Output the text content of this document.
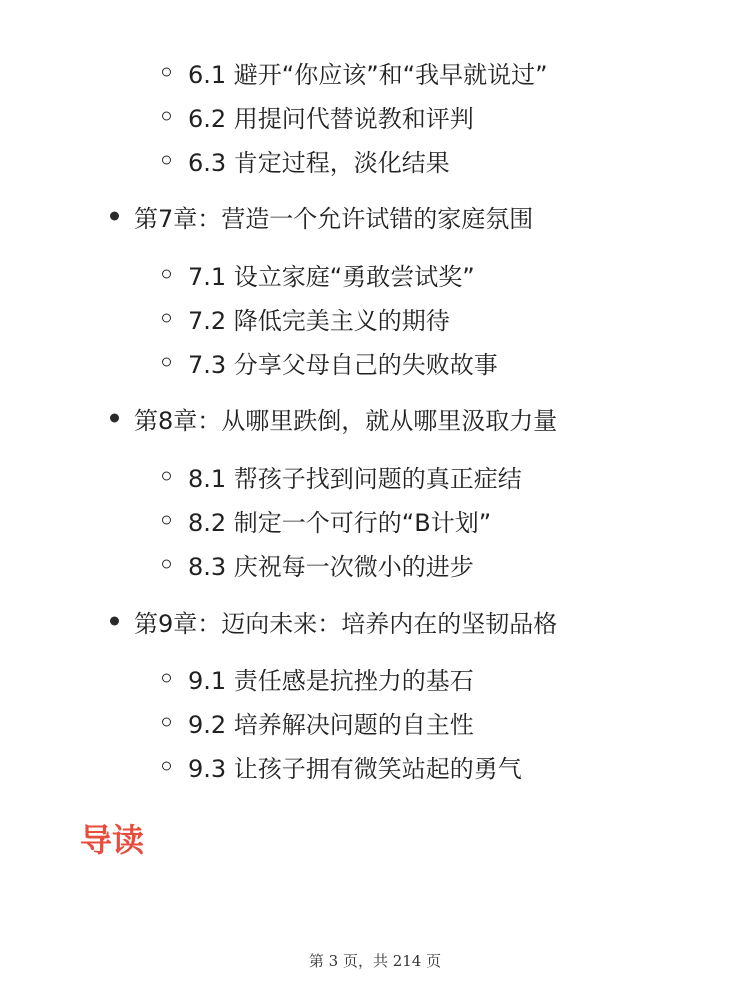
6.1 避开“你应该”和“我早就说过”
6.2 用提问代替说教和评判
6.3 肯定过程，淡化结果
第7章：营造一个允许试错的家庭氛围
7.1 设立家庭“勇敢尝试奖”
7.2 降低完美主义的期待
7.3 分享父母自己的失败故事
第8章：从哪里跌倒，就从哪里汲取力量
8.1 帮孩子找到问题的真正症结
8.2 制定一个可行的“B计划”
8.3 庆祝每一次微小的进步
第9章：迈向未来：培养内在的坚韧品格
9.1 责任感是抗挫力的基石
9.2 培养解决问题的自主性
9.3 让孩子拥有微笑站起的勇气
导读
第 3 页，共 214 页
